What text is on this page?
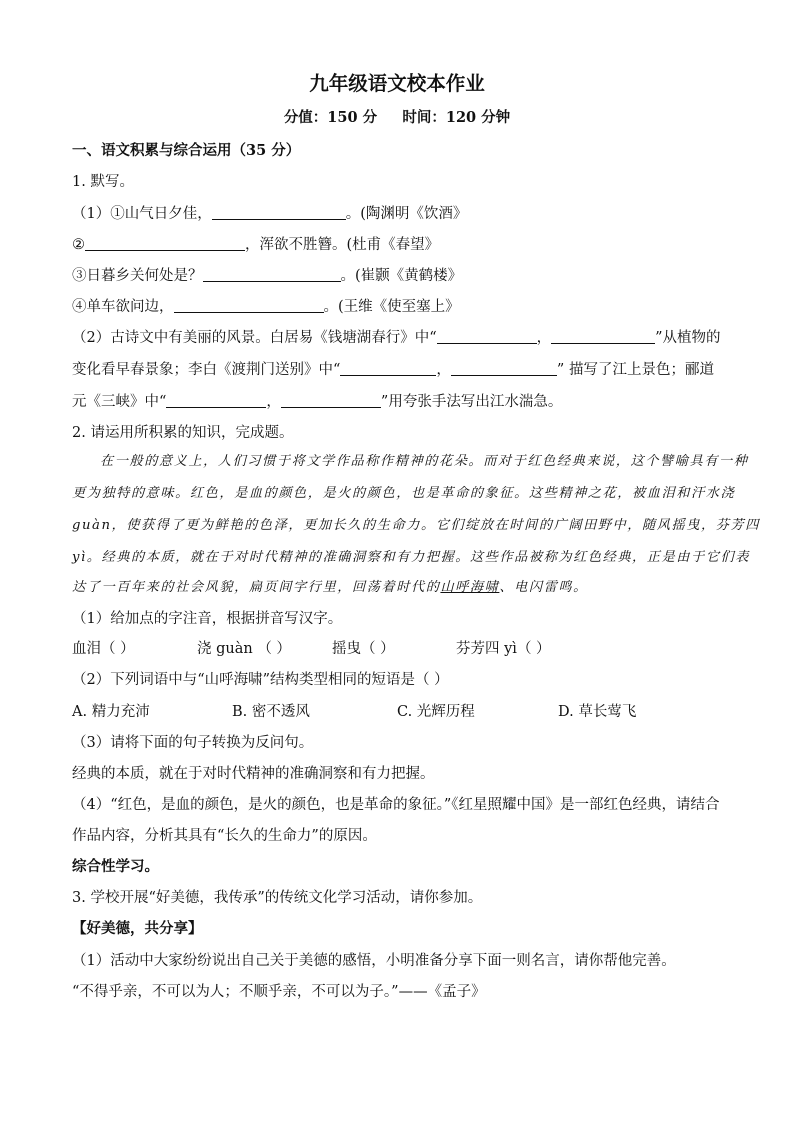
九年级语文校本作业
分值：150 分     时间：120 分钟
一、语文积累与综合运用（35 分）
1. 默写。
（1）①山气日夕佳，	。(陶渊明《饮酒》
②	，浑欲不胜簪。(杜甫《春望》
③日暮乡关何处是？	。(崔颢《黄鹤楼》
④单车欲问边，	。(王维《使至塞上》
（2）古诗文中有美丽的风景。白居易《钱塘湖春行》中“	，	”从植物的
变化看早春景象；李白《渡荆门送别》中“	，	” 描写了江上景色；郦道
元《三峡》中“	，	”用夸张手法写出江水湍急。
2. 请运用所积累的知识，完成题。
在一般的意义上，人们习惯于将文学作品称作精神的花朵。而对于红色经典来说，这个譬喻具有一种
更为独特的意味。红色，是血的颜色，是火的颜色，也是革命的象征。这些精神之花，被血泪和汗水浇
guàn，使获得了更为鲜艳的色泽，更加长久的生命力。它们绽放在时间的广阔田野中，随风摇曳，芬芳四
yì。经典的本质，就在于对时代精神的准确洞察和有力把握。这些作品被称为红色经典，正是由于它们表
达了一百年来的社会风貌，扁页间字行里，回荡着时代的山呼海啸、电闪雷鸣。
（1）给加点的字注音，根据拼音写汉字。
血泪（ ）	浇 guàn （ ）	摇曳（ ）	芬芳四 yì（ ）
（2）下列词语中与“山呼海啸”结构类型相同的短语是（ ）
A. 精力充沛	B. 密不透风	C. 光辉历程	D. 草长莺飞
（3）请将下面的句子转换为反问句。
经典的本质，就在于对时代精神的准确洞察和有力把握。
（4）“红色，是血的颜色，是火的颜色，也是革命的象征。”《红星照耀中国》是一部红色经典，请结合
作品内容，分析其具有“长久的生命力”的原因。
综合性学习。
3. 学校开展“好美德，我传承”的传统文化学习活动，请你参加。
【好美德，共分享】
（1）活动中大家纷纷说出自己关于美德的感悟，小明准备分享下面一则名言，请你帮他完善。
“不得乎亲，不可以为人；不顺乎亲，不可以为子。”——《孟子》
